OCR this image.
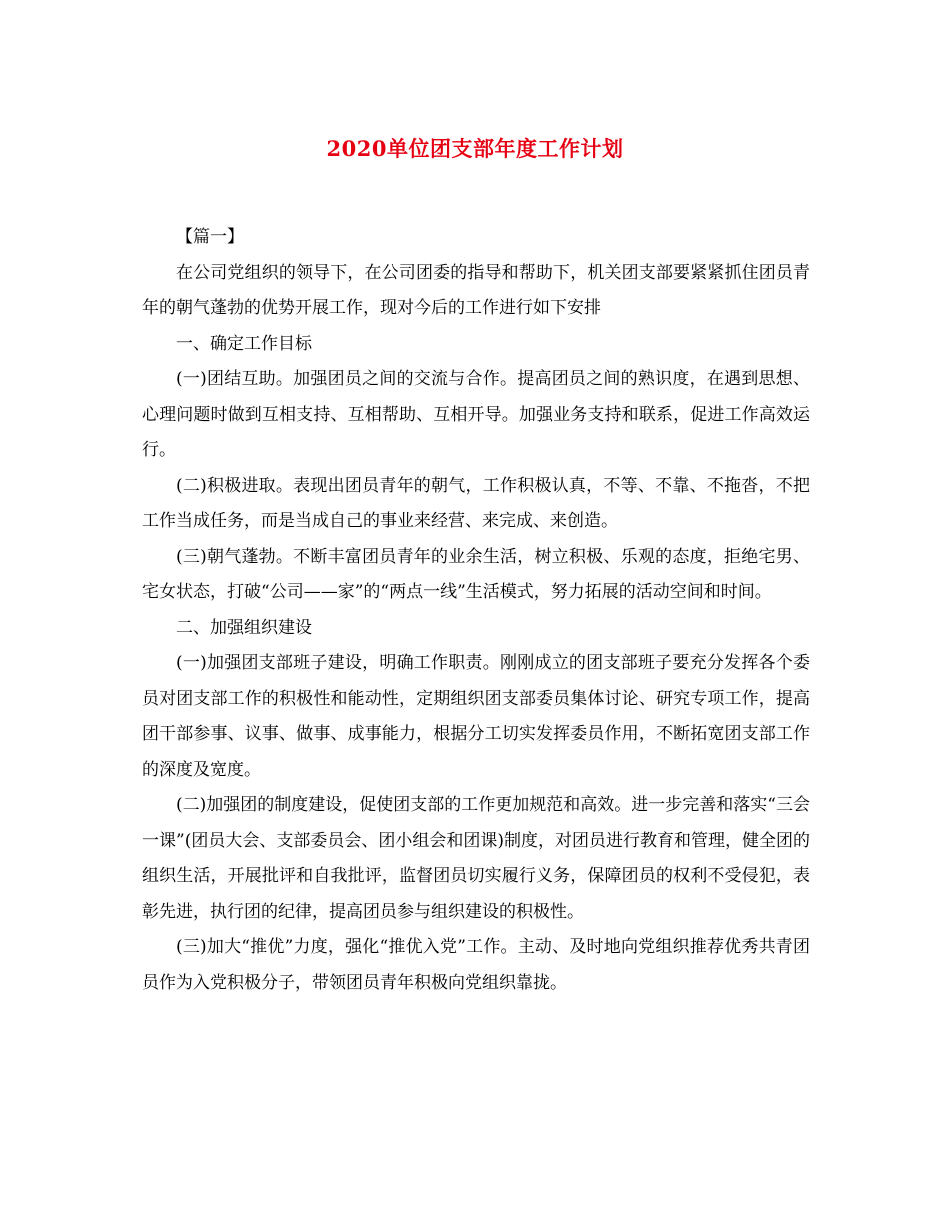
2020单位团支部年度工作计划

【篇一】

在公司党组织的领导下，在公司团委的指导和帮助下，机关团支部要紧紧抓住团员青年的朝气蓬勃的优势开展工作，现对今后的工作进行如下安排

一、确定工作目标

(一)团结互助。加强团员之间的交流与合作。提高团员之间的熟识度，在遇到思想、心理问题时做到互相支持、互相帮助、互相开导。加强业务支持和联系，促进工作高效运行。

(二)积极进取。表现出团员青年的朝气，工作积极认真，不等、不靠、不拖沓，不把工作当成任务，而是当成自己的事业来经营、来完成、来创造。

(三)朝气蓬勃。不断丰富团员青年的业余生活，树立积极、乐观的态度，拒绝宅男、宅女状态，打破“公司——家”的“两点一线”生活模式，努力拓展的活动空间和时间。

二、加强组织建设

(一)加强团支部班子建设，明确工作职责。刚刚成立的团支部班子要充分发挥各个委员对团支部工作的积极性和能动性，定期组织团支部委员集体讨论、研究专项工作，提高团干部参事、议事、做事、成事能力，根据分工切实发挥委员作用，不断拓宽团支部工作的深度及宽度。

(二)加强团的制度建设，促使团支部的工作更加规范和高效。进一步完善和落实“三会一课”(团员大会、支部委员会、团小组会和团课)制度，对团员进行教育和管理，健全团的组织生活，开展批评和自我批评，监督团员切实履行义务，保障团员的权利不受侵犯，表彰先进，执行团的纪律，提高团员参与组织建设的积极性。

(三)加大“推优”力度，强化“推优入党”工作。主动、及时地向党组织推荐优秀共青团员作为入党积极分子，带领团员青年积极向党组织靠拢。
